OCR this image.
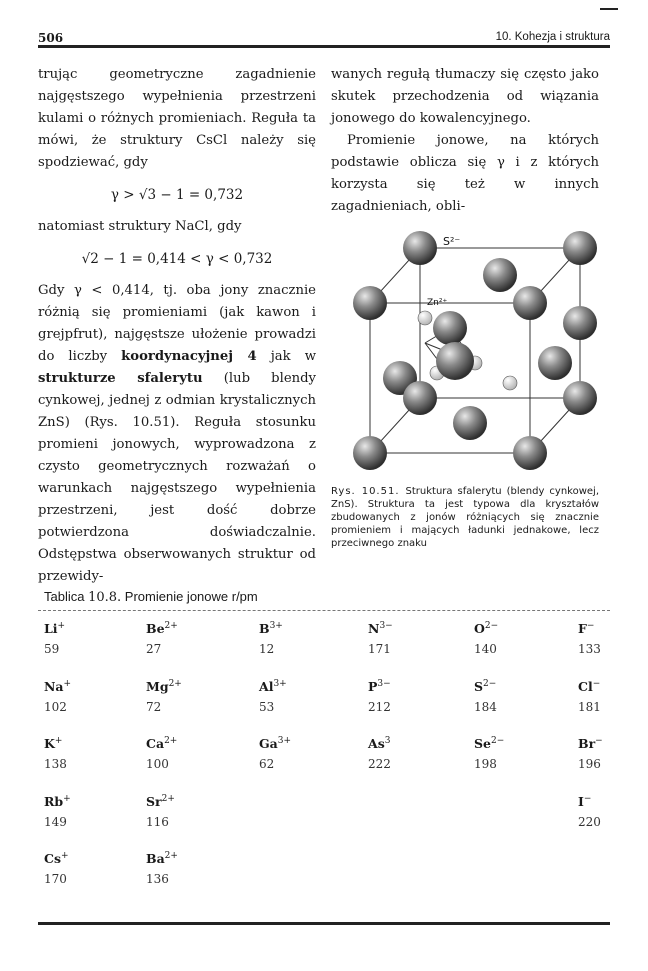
506	10. Kohezja i struktura

trując geometryczne zagadnienie najgęstszego wypełnienia przestrzeni kulami o różnych promieniach. Reguła ta mówi, że struktury CsCl należy się spodziewać, gdy

γ > √3 − 1 = 0,732

natomiast struktury NaCl, gdy

√2 − 1 = 0,414 < γ < 0,732

Gdy γ < 0,414, tj. oba jony znacznie różnią się promieniami (jak kawon i grejpfrut), najgęstsze ułożenie prowadzi do liczby koordynacyjnej 4 jak w strukturze sfalerytu (lub blendy cynkowej, jednej z odmian krystalicznych ZnS) (Rys. 10.51). Reguła stosunku promieni jonowych, wyprowadzona z czysto geometrycznych rozważań o warunkach najgęstszego wypełnienia przestrzeni, jest dość dobrze potwierdzona doświadczalnie. Odstępstwa obserwowanych struktur od przewidy-

wanych regułą tłumaczy się często jako skutek przechodzenia od wiązania jonowego do kowalencyjnego.

Promienie jonowe, na których podstawie oblicza się γ i z których korzysta się też w innych zagadnieniach, obli-

S²⁻
Zn²⁺
Rys. 10.51. Struktura sfalerytu (blendy cynkowej, ZnS). Struktura ta jest typowa dla kryształów zbudowanych z jonów różniących się znacznie promieniem i mających ładunki jednakowe, lecz przeciwnego znaku
Tablica 10.8. Promienie jonowe r/pm
Li+
59
$Be^{2+}$
27
$B^{3+}$
12
$N^{3-}$
171
$O^{2-}$
140
F−
133
Na+
102
$Mg^{2+}$
72
$Al^{3+}$
53
$P^{3-}$
212
$S^{2-}$
184
Cl−
181
K+
138
$Ca^{2+}$
100
$Ga^{3+}$
62
As$^3$
222
$Se^{2-}$
198
Br−
196
Rb+
149
$Sr^{2+}$
116
I−
220
Cs+
170
$Ba^{2+}$
136
